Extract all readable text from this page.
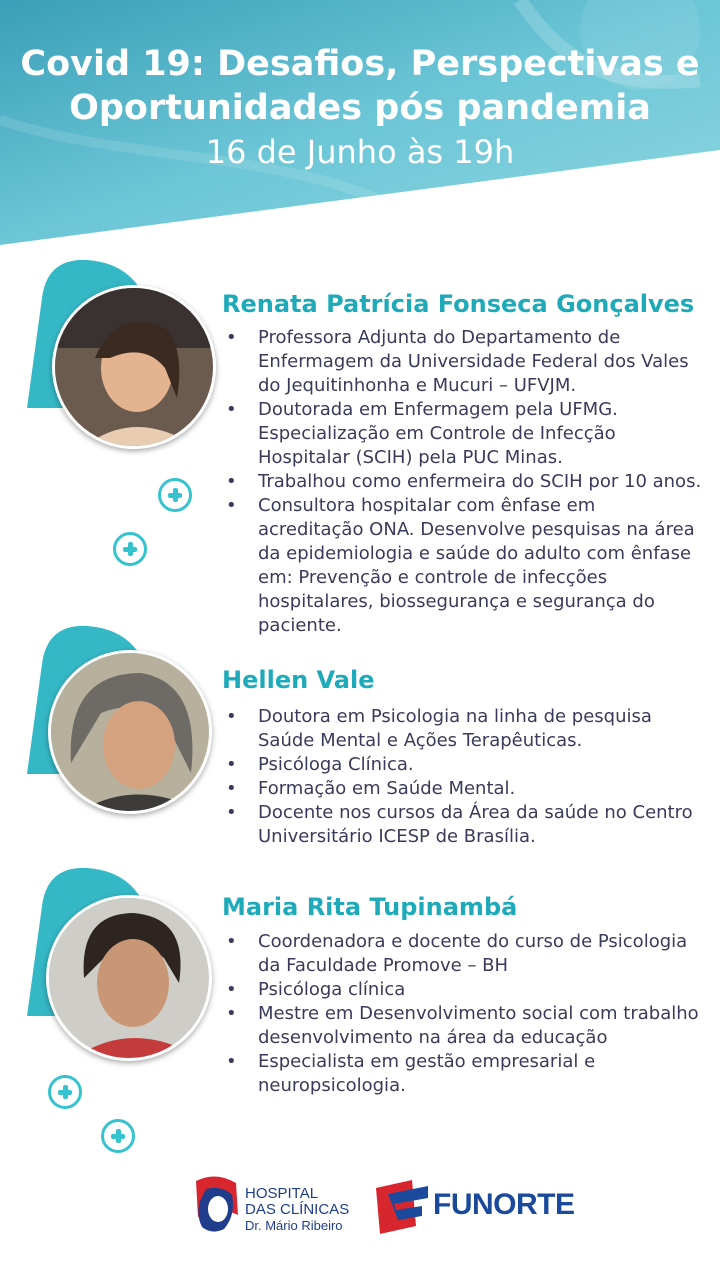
Covid 19: Desafios, Perspectivas e
Oportunidades pós pandemia
16 de Junho às 19h
Renata Patrícia Fonseca Gonçalves
• Professora Adjunta do Departamento de Enfermagem da Universidade Federal dos Vales do Jequitinhonha e Mucuri – UFVJM.
• Doutorada em Enfermagem pela UFMG. Especialização em Controle de Infecção Hospitalar (SCIH) pela PUC Minas.
• Trabalhou como enfermeira do SCIH por 10 anos.
• Consultora hospitalar com ênfase em acreditação ONA. Desenvolve pesquisas na área da epidemiologia e saúde do adulto com ênfase em: Prevenção e controle de infecções hospitalares, biossegurança e segurança do paciente.
Hellen Vale
• Doutora em Psicologia na linha de pesquisa Saúde Mental e Ações Terapêuticas.
• Psicóloga Clínica.
• Formação em Saúde Mental.
• Docente nos cursos da Área da saúde no Centro Universitário ICESP de Brasília.
Maria Rita Tupinambá
• Coordenadora e docente do curso de Psicologia da Faculdade Promove – BH
• Psicóloga clínica
• Mestre em Desenvolvimento social com trabalho desenvolvimento na área da educação
• Especialista em gestão empresarial e neuropsicologia.
HOSPITAL
DAS CLÍNICAS
Dr. Mário Ribeiro
FUNORTE
